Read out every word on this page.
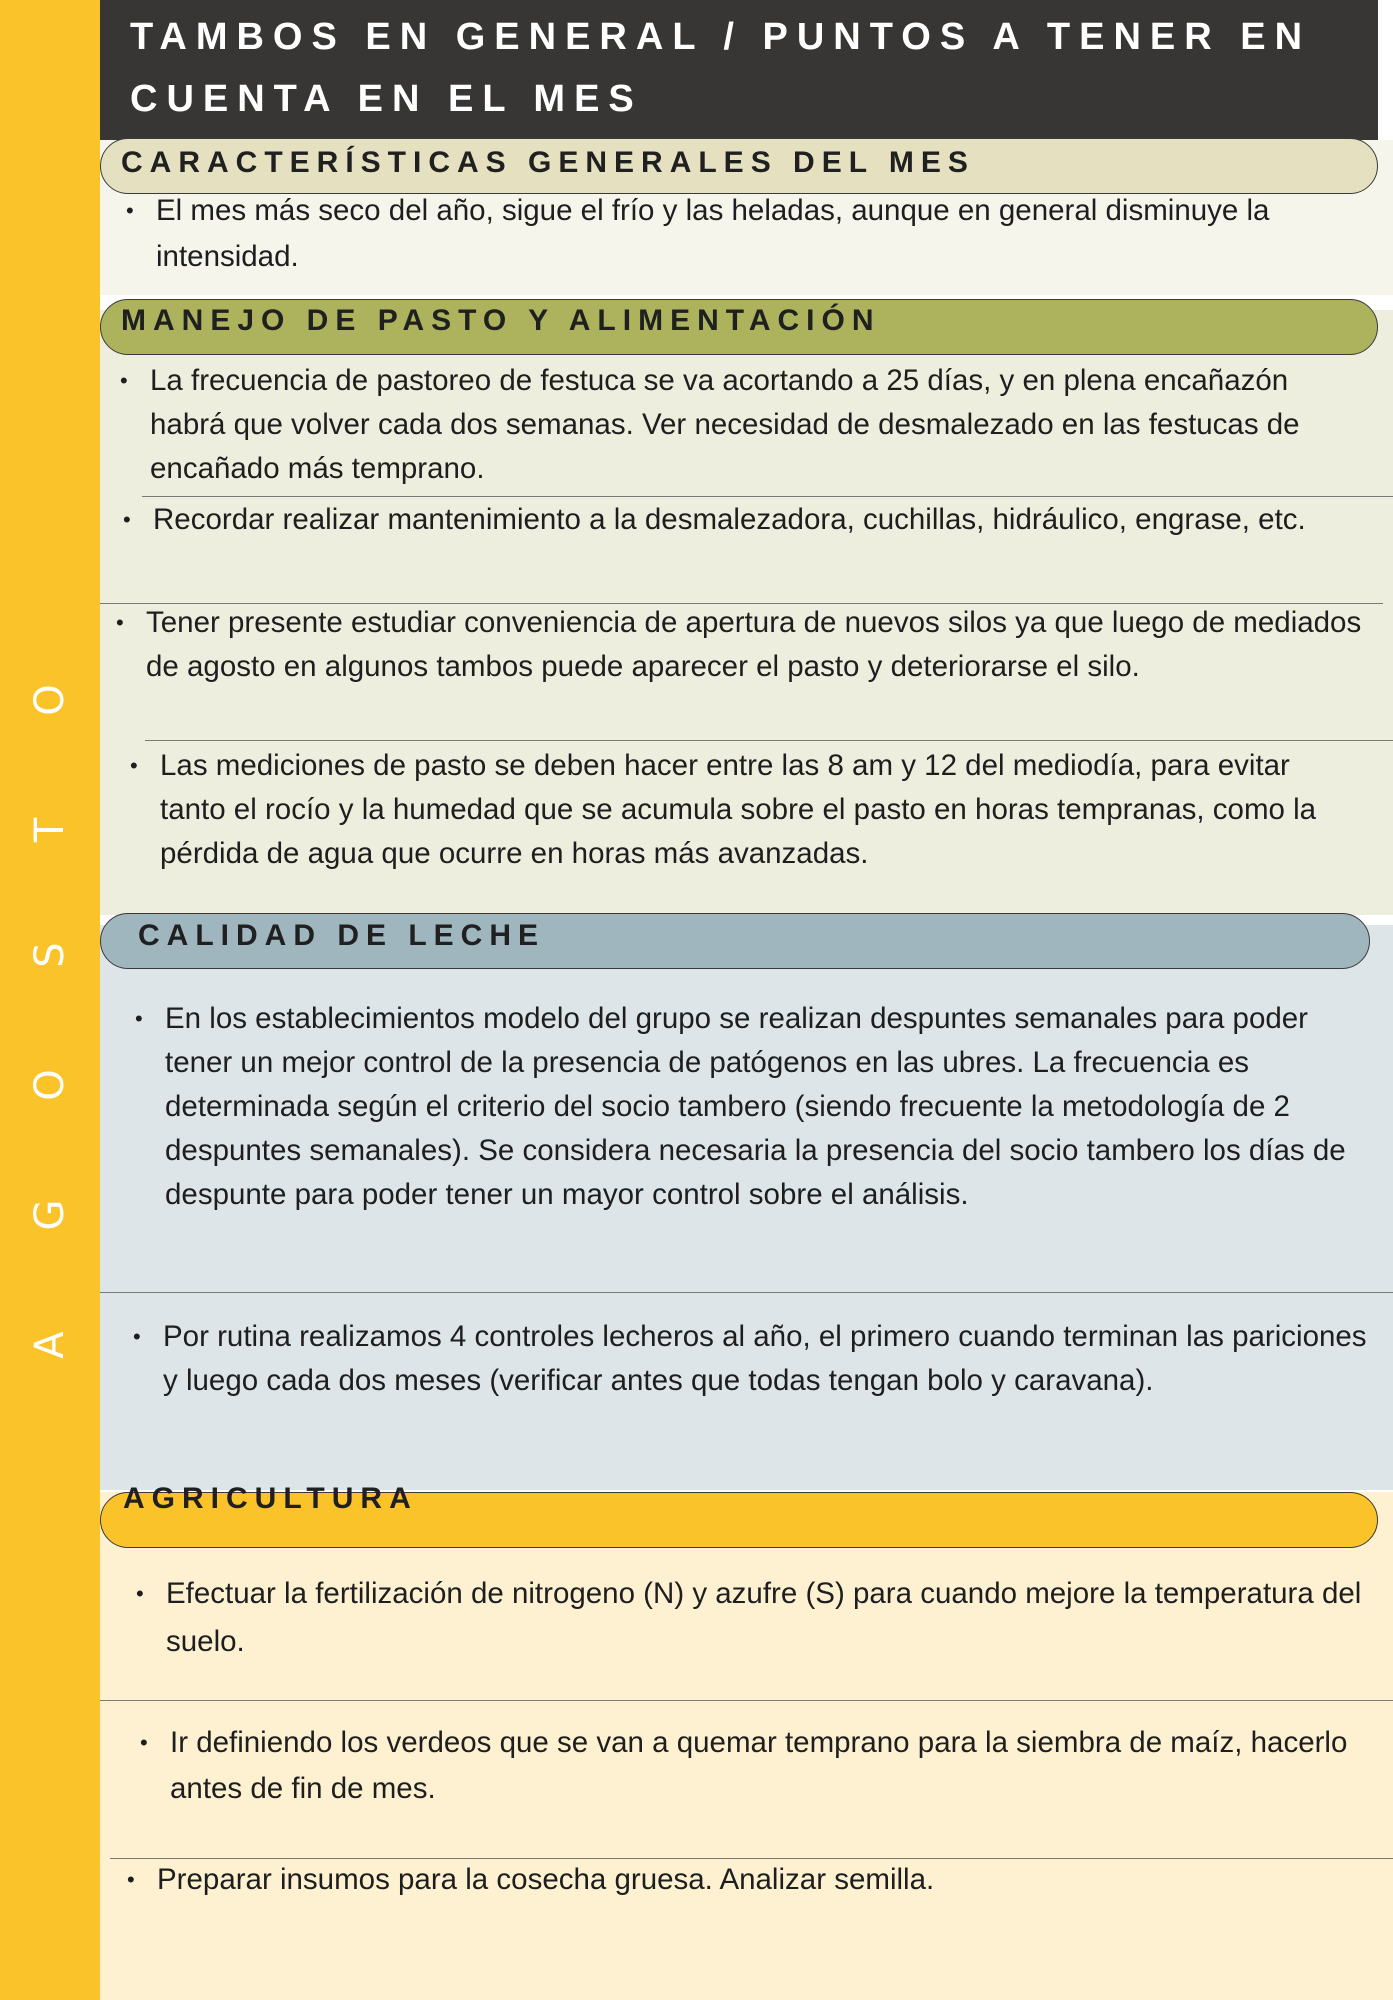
A
G
O
S
T
O
TAMBOS EN GENERAL / PUNTOS A TENER EN CUENTA EN EL MES
CARACTERÍSTICAS GENERALES DEL MES

• El mes más seco del año, sigue el frío y las heladas, aunque en general disminuye la intensidad.

MANEJO DE PASTO Y ALIMENTACIÓN

• La frecuencia de pastoreo de festuca se va acortando a 25 días, y en plena encañazón habrá que volver cada dos semanas. Ver necesidad de desmalezado en las festucas de encañado más temprano.

• Recordar realizar mantenimiento a la desmalezadora, cuchillas, hidráulico, engrase, etc.

• Tener presente estudiar conveniencia de apertura de nuevos silos ya que luego de mediados de agosto en algunos tambos puede aparecer el pasto y deteriorarse el silo.

• Las mediciones de pasto se deben hacer entre las 8 am y 12 del mediodía, para evitar tanto el rocío y la humedad que se acumula sobre el pasto en horas tempranas, como la pérdida de agua que ocurre en horas más avanzadas.

CALIDAD DE LECHE

• En los establecimientos modelo del grupo se realizan despuntes semanales para poder tener un mejor control de la presencia de patógenos en las ubres. La frecuencia es determinada según el criterio del socio tambero (siendo frecuente la metodología de 2 despuntes semanales). Se considera necesaria la presencia del socio tambero los días de despunte para poder tener un mayor control sobre el análisis.

• Por rutina realizamos 4 controles lecheros al año, el primero cuando terminan las pariciones y luego cada dos meses (verificar antes que todas tengan bolo y caravana).

AGRICULTURA

• Efectuar la fertilización de nitrogeno (N) y azufre (S) para cuando mejore la temperatura del suelo.

• Ir definiendo los verdeos que se van a quemar temprano para la siembra de maíz, hacerlo antes de fin de mes.

• Preparar insumos para la cosecha gruesa. Analizar semilla.
